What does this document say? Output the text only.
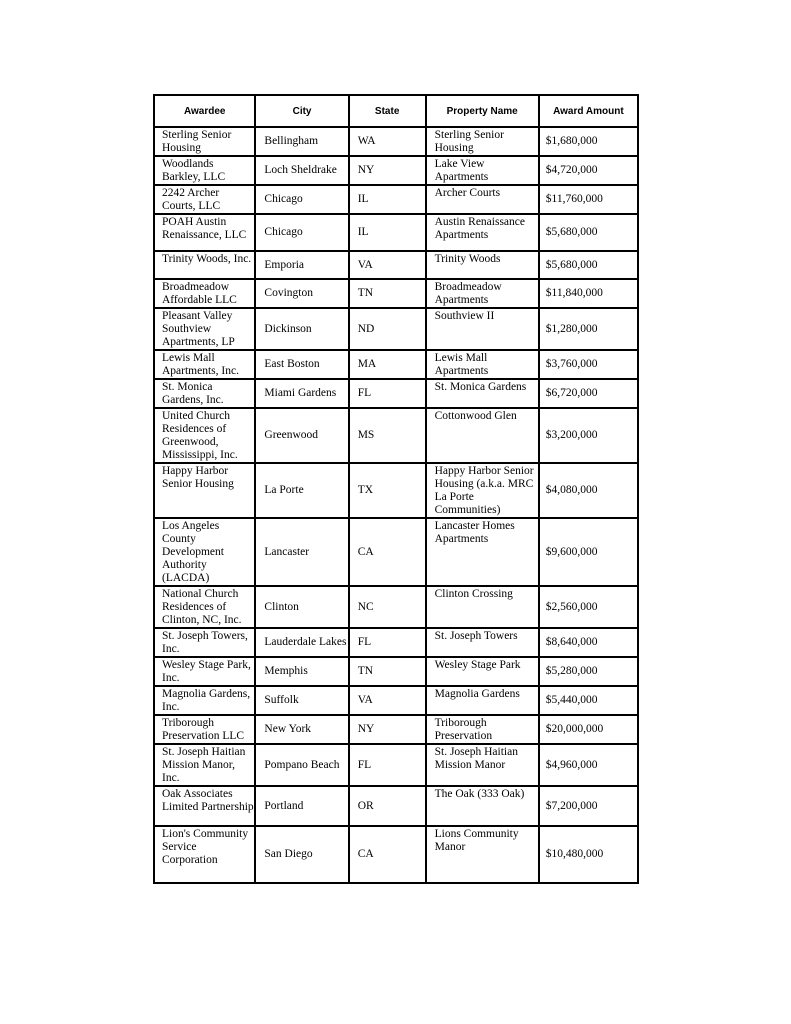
Awardee	City	State	Property Name	Award Amount
Sterling Senior Housing	Bellingham	WA	Sterling Senior Housing	$1,680,000
Woodlands Barkley, LLC	Loch Sheldrake	NY	Lake View Apartments	$4,720,000
2242 Archer Courts, LLC	Chicago	IL	Archer Courts	$11,760,000
POAH Austin Renaissance, LLC	Chicago	IL	Austin Renaissance Apartments	$5,680,000
Trinity Woods, Inc.	Emporia	VA	Trinity Woods	$5,680,000
Broadmeadow Affordable LLC	Covington	TN	Broadmeadow Apartments	$11,840,000
Pleasant Valley Southview Apartments, LP	Dickinson	ND	Southview II	$1,280,000
Lewis Mall Apartments, Inc.	East Boston	MA	Lewis Mall Apartments	$3,760,000
St. Monica Gardens, Inc.	Miami Gardens	FL	St. Monica Gardens	$6,720,000
United Church Residences of Greenwood, Mississippi, Inc.	Greenwood	MS	Cottonwood Glen	$3,200,000
Happy Harbor Senior Housing	La Porte	TX	Happy Harbor Senior Housing (a.k.a. MRC La Porte Communities)	$4,080,000
Los Angeles County Development Authority (LACDA)	Lancaster	CA	Lancaster Homes Apartments	$9,600,000
National Church Residences of Clinton, NC, Inc.	Clinton	NC	Clinton Crossing	$2,560,000
St. Joseph Towers, Inc.	Lauderdale Lakes	FL	St. Joseph Towers	$8,640,000
Wesley Stage Park, Inc.	Memphis	TN	Wesley Stage Park	$5,280,000
Magnolia Gardens, Inc.	Suffolk	VA	Magnolia Gardens	$5,440,000
Triborough Preservation LLC	New York	NY	Triborough Preservation	$20,000,000
St. Joseph Haitian Mission Manor, Inc.	Pompano Beach	FL	St. Joseph Haitian Mission Manor	$4,960,000
Oak Associates Limited Partnership	Portland	OR	The Oak (333 Oak)	$7,200,000
Lion's Community Service Corporation	San Diego	CA	Lions Community Manor	$10,480,000
